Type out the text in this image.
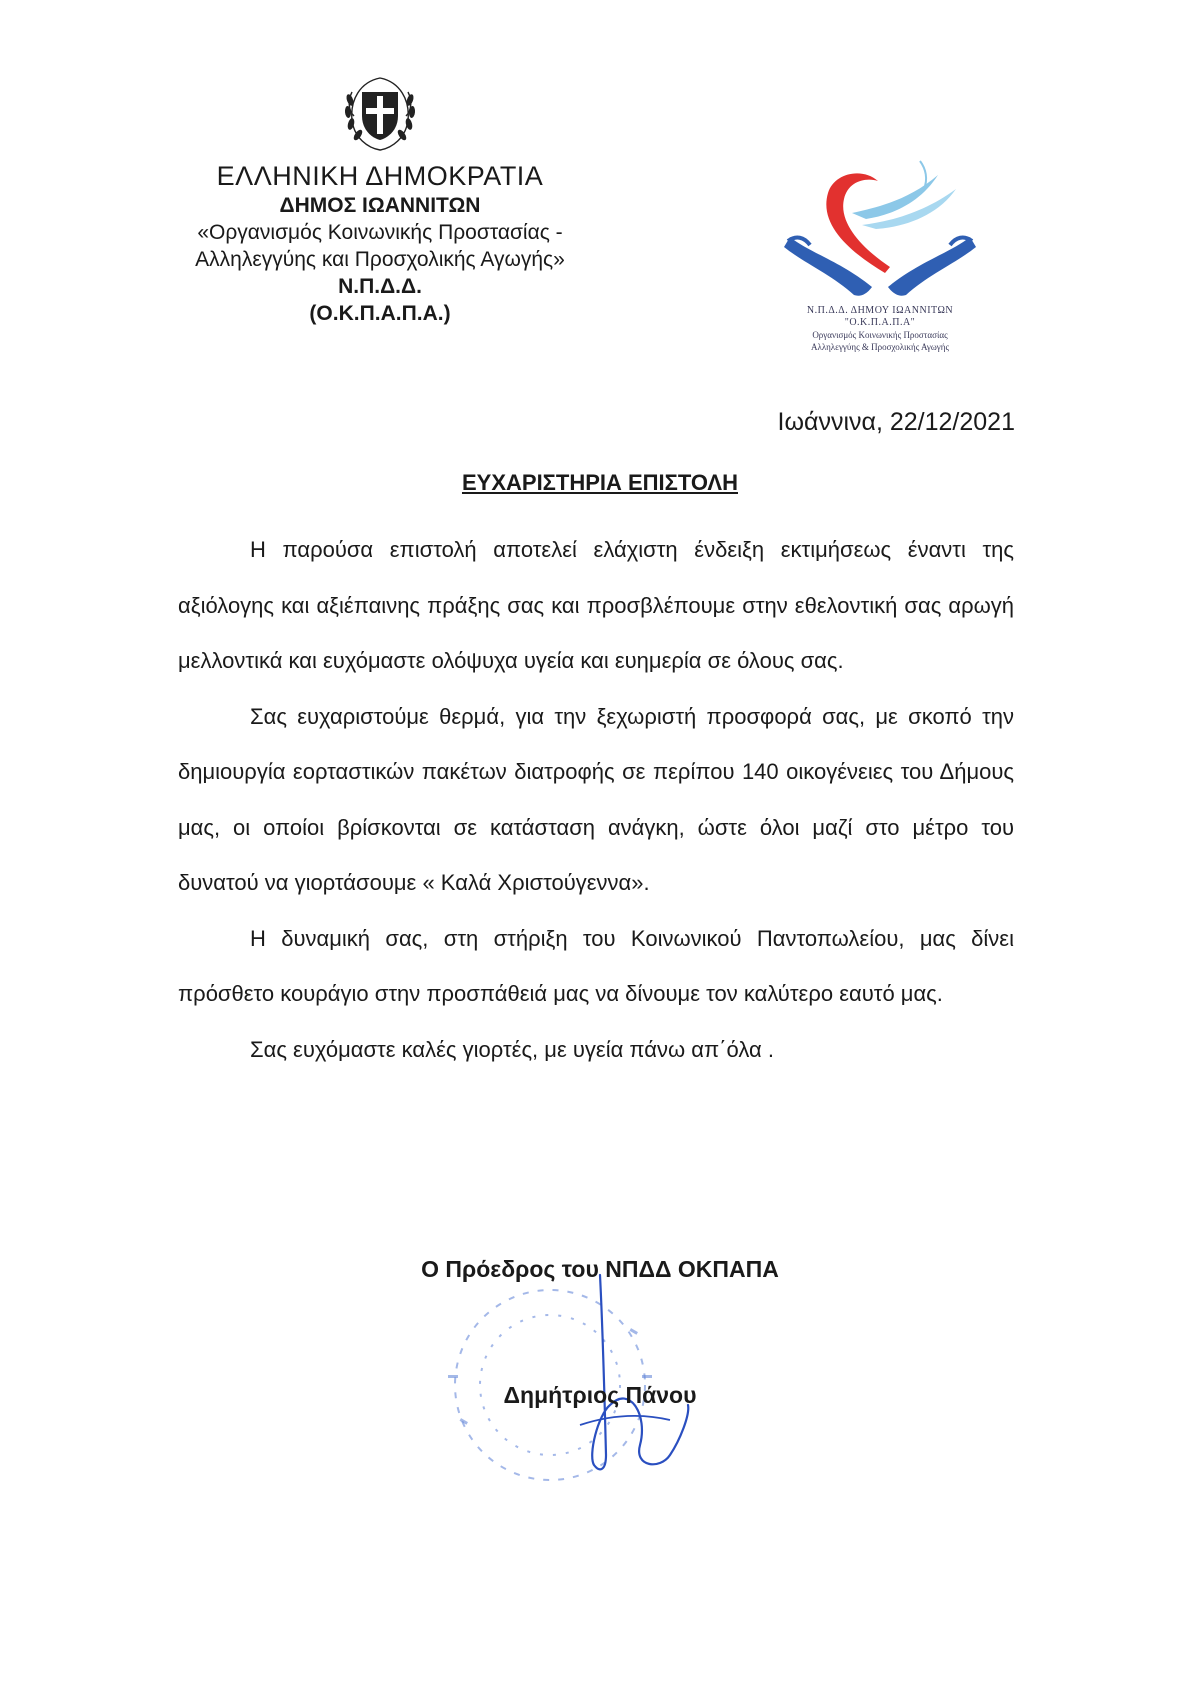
ΕΛΛΗΝΙΚΗ ΔΗΜΟΚΡΑΤΙΑ
ΔΗΜΟΣ ΙΩΑΝΝΙΤΩΝ
«Οργανισμός Κοινωνικής Προστασίας -
Αλληλεγγύης και Προσχολικής Αγωγής»
Ν.Π.Δ.Δ.
(Ο.Κ.Π.Α.Π.Α.)	Ν.Π.Δ.Δ. ΔΗΜΟΥ ΙΩΑΝΝΙΤΩΝ
"Ο.Κ.Π.Α.Π.Α"
Οργανισμός Κοινωνικής Προστασίας
Αλληλεγγύης & Προσχολικής Αγωγής
Ιωάννινα, 22/12/2021
ΕΥΧΑΡΙΣΤΗΡΙΑ ΕΠΙΣΤΟΛΗ

Η παρούσα επιστολή αποτελεί ελάχιστη ένδειξη εκτιμήσεως έναντι της αξιόλογης και αξιέπαινης πράξης σας και προσβλέπουμε στην εθελοντική σας αρωγή μελλοντικά και ευχόμαστε ολόψυχα υγεία και ευημερία σε όλους σας.

Σας ευχαριστούμε θερμά, για την ξεχωριστή προσφορά σας, με σκοπό την δημιουργία εορταστικών πακέτων διατροφής σε περίπου 140 οικογένειες του Δήμους μας, οι οποίοι βρίσκονται σε κατάσταση ανάγκη, ώστε όλοι μαζί στο μέτρο του δυνατού να γιορτάσουμε « Καλά Χριστούγεννα».

Η δυναμική σας, στη στήριξη του Κοινωνικού Παντοπωλείου, μας δίνει πρόσθετο κουράγιο στην προσπάθειά μας να δίνουμε τον καλύτερο εαυτό μας.

Σας ευχόμαστε καλές γιορτές, με υγεία πάνω απ΄όλα .

Ο Πρόεδρος του ΝΠΔΔ ΟΚΠΑΠΑ
Δημήτριος Πάνου
